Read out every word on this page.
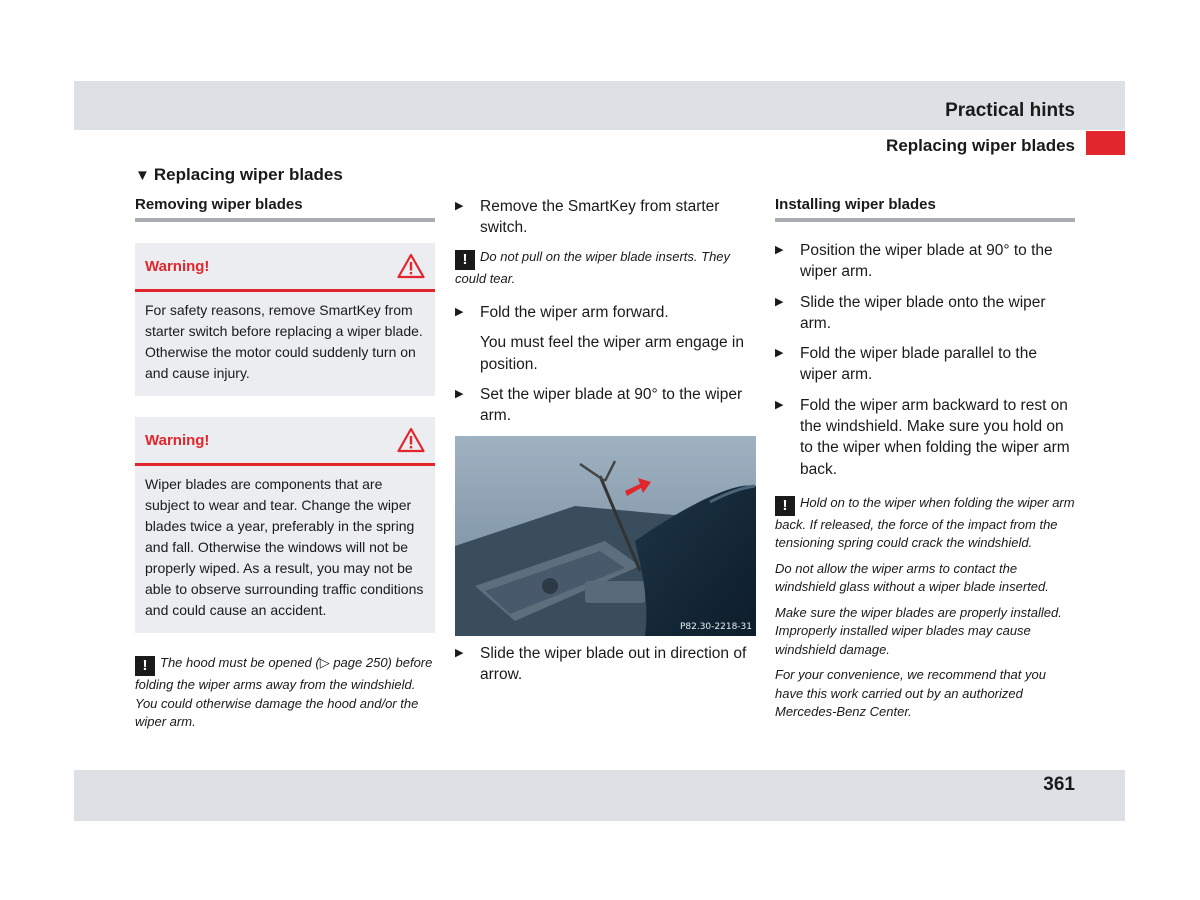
Practical hints
Replacing wiper blades
▼ Replacing wiper blades
Removing wiper blades
Warning!
For safety reasons, remove SmartKey from starter switch before replacing a wiper blade. Otherwise the motor could suddenly turn on and cause injury.
Warning!
Wiper blades are components that are subject to wear and tear. Change the wiper blades twice a year, preferably in the spring and fall. Otherwise the windows will not be properly wiped. As a result, you may not be able to observe surrounding traffic conditions and could cause an accident.
! The hood must be opened (▷ page 250) before folding the wiper arms away from the windshield. You could otherwise damage the hood and/or the wiper arm.
▶	Remove the SmartKey from starter switch.
! Do not pull on the wiper blade inserts. They could tear.
▶	Fold the wiper arm forward.
You must feel the wiper arm engage in position.
▶	Set the wiper blade at 90° to the wiper arm.
P82.30-2218-31
▶	Slide the wiper blade out in direction of arrow.
Installing wiper blades
▶	Position the wiper blade at 90° to the wiper arm.
▶	Slide the wiper blade onto the wiper arm.
▶	Fold the wiper blade parallel to the wiper arm.
▶	Fold the wiper arm backward to rest on the windshield. Make sure you hold on to the wiper when folding the wiper arm back.
! Hold on to the wiper when folding the wiper arm back. If released, the force of the impact from the tensioning spring could crack the windshield.
Do not allow the wiper arms to contact the windshield glass without a wiper blade inserted.
Make sure the wiper blades are properly installed. Improperly installed wiper blades may cause windshield damage.
For your convenience, we recommend that you have this work carried out by an authorized Mercedes-Benz Center.
361
